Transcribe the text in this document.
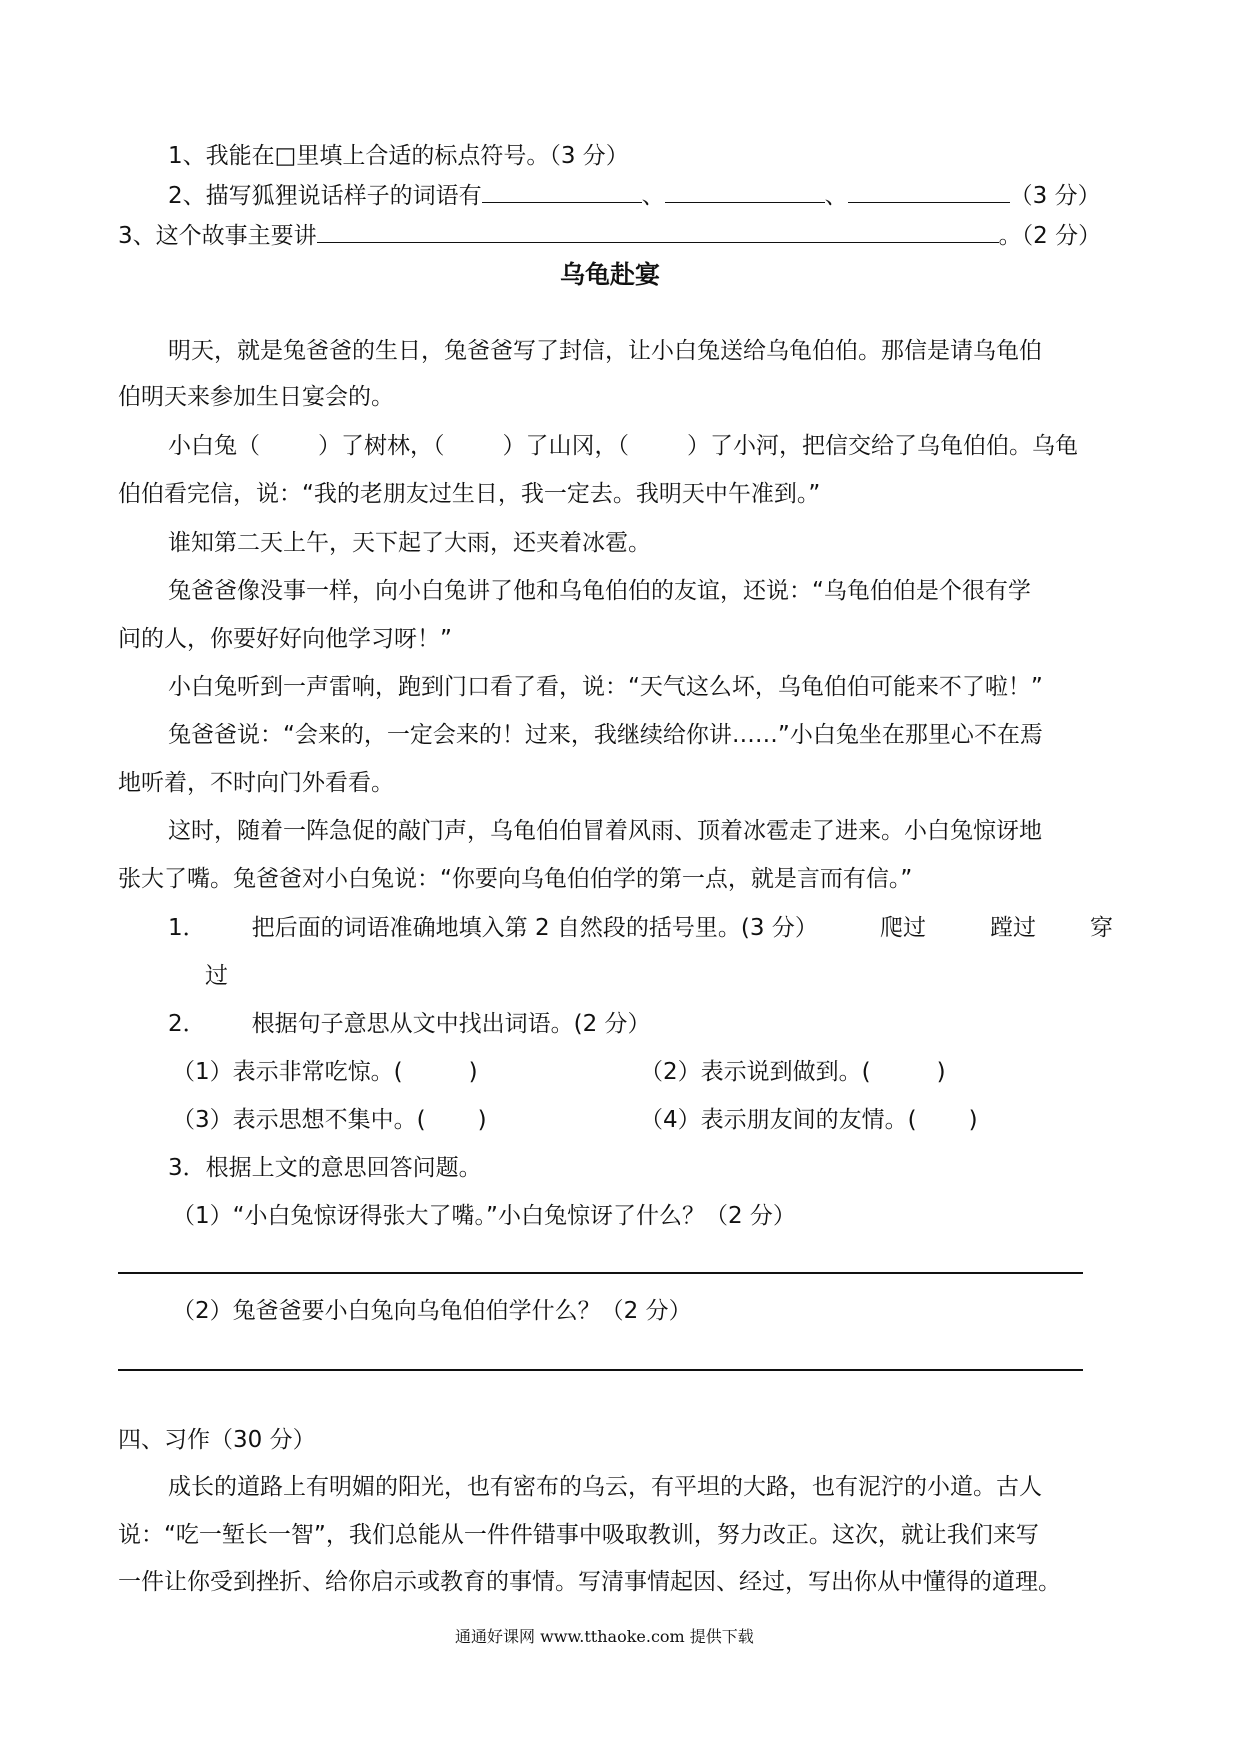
1、我能在□里填上合适的标点符号。（3 分）
2、描写狐狸说话样子的词语有	、	、	（3 分）
3、这个故事主要讲	。（2 分）
乌龟赴宴
明天，就是兔爸爸的生日，兔爸爸写了封信，让小白兔送给乌龟伯伯。那信是请乌龟伯
伯明天来参加生日宴会的。
小白兔（	）了树林，（	）了山冈，（	）了小河，把信交给了乌龟伯伯。乌龟
伯伯看完信，说：“我的老朋友过生日，我一定去。我明天中午准到。”
谁知第二天上午，天下起了大雨，还夹着冰雹。
兔爸爸像没事一样，向小白兔讲了他和乌龟伯伯的友谊，还说：“乌龟伯伯是个很有学
问的人，你要好好向他学习呀！”
小白兔听到一声雷响，跑到门口看了看，说：“天气这么坏，乌龟伯伯可能来不了啦！”
兔爸爸说：“会来的，一定会来的！过来，我继续给你讲……”小白兔坐在那里心不在焉
地听着，不时向门外看看。
这时，随着一阵急促的敲门声，乌龟伯伯冒着风雨、顶着冰雹走了进来。小白兔惊讶地
张大了嘴。兔爸爸对小白兔说：“你要向乌龟伯伯学的第一点，就是言而有信。”
1． 把后面的词语准确地填入第 2 自然段的括号里。(3 分）	爬过	蹚过 穿
过
2． 根据句子意思从文中找出词语。(2 分）
（1）表示非常吃惊。(	)	（2）表示说到做到。(	)
（3）表示思想不集中。( )	（4）表示朋友间的友情。( )
3．根据上文的意思回答问题。
（1）“小白兔惊讶得张大了嘴。”小白兔惊讶了什么？（2 分）
（2）兔爸爸要小白兔向乌龟伯伯学什么？（2 分）
四、习作（30 分）
成长的道路上有明媚的阳光，也有密布的乌云，有平坦的大路，也有泥泞的小道。古人
说：“吃一堑长一智”，我们总能从一件件错事中吸取教训，努力改正。这次，就让我们来写
一件让你受到挫折、给你启示或教育的事情。写清事情起因、经过，写出你从中懂得的道理。
通通好课网 www.tthaoke.com 提供下载
